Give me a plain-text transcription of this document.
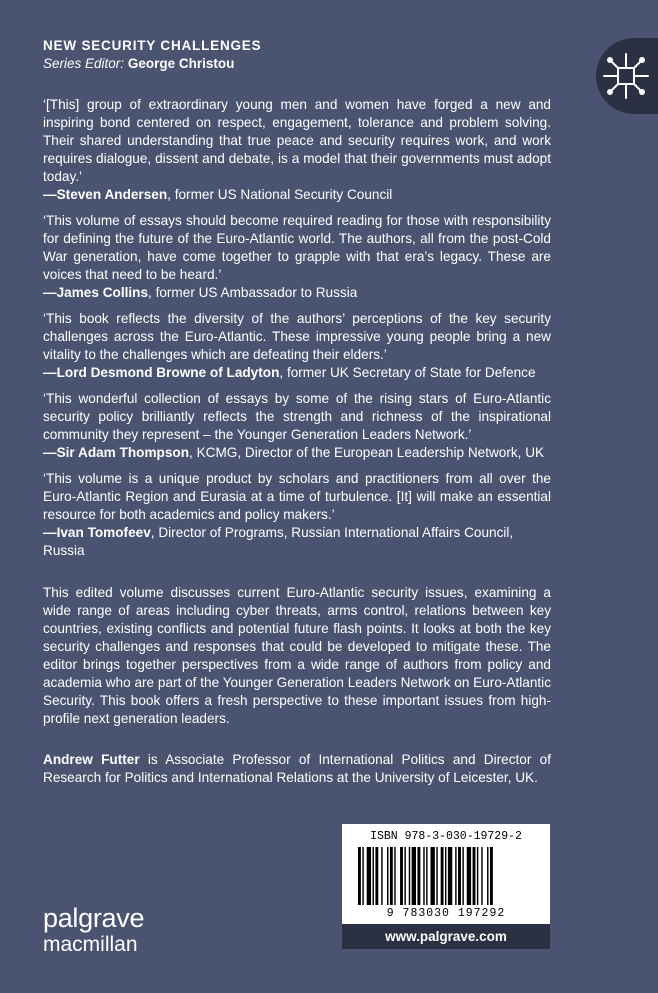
NEW SECURITY CHALLENGES
Series Editor: George Christou
‘[This] group of extraordinary young men and women have forged a new and inspiring bond centered on respect, engagement, tolerance and problem solving. Their shared understanding that true peace and security requires work, and work requires dialogue, dissent and debate, is a model that their governments must adopt today.’
—Steven Andersen, former US National Security Council
‘This volume of essays should become required reading for those with responsibility for defining the future of the Euro-Atlantic world. The authors, all from the post-Cold War generation, have come together to grapple with that era’s legacy. These are voices that need to be heard.’
—James Collins, former US Ambassador to Russia
‘This book reflects the diversity of the authors’ perceptions of the key security challenges across the Euro-Atlantic. These impressive young people bring a new vitality to the challenges which are defeating their elders.’
—Lord Desmond Browne of Ladyton, former UK Secretary of State for Defence
‘This wonderful collection of essays by some of the rising stars of Euro-Atlantic security policy brilliantly reflects the strength and richness of the inspirational community they represent – the Younger Generation Leaders Network.’
—Sir Adam Thompson, KCMG, Director of the European Leadership Network, UK
‘This volume is a unique product by scholars and practitioners from all over the Euro-Atlantic Region and Eurasia at a time of turbulence. [It] will make an essential resource for both academics and policy makers.’
—Ivan Tomofeev, Director of Programs, Russian International Affairs Council, Russia
This edited volume discusses current Euro-Atlantic security issues, examining a wide range of areas including cyber threats, arms control, relations between key countries, existing conflicts and potential future flash points. It looks at both the key security challenges and responses that could be developed to mitigate these. The editor brings together perspectives from a wide range of authors from policy and academia who are part of the Younger Generation Leaders Network on Euro-Atlantic Security. This book offers a fresh perspective to these important issues from high-profile next generation leaders.
Andrew Futter is Associate Professor of International Politics and Director of Research for Politics and International Relations at the University of Leicester, UK.
palgrave
macmillan
ISBN 978-3-030-19729-2
9 783030 197292
www.palgrave.com
